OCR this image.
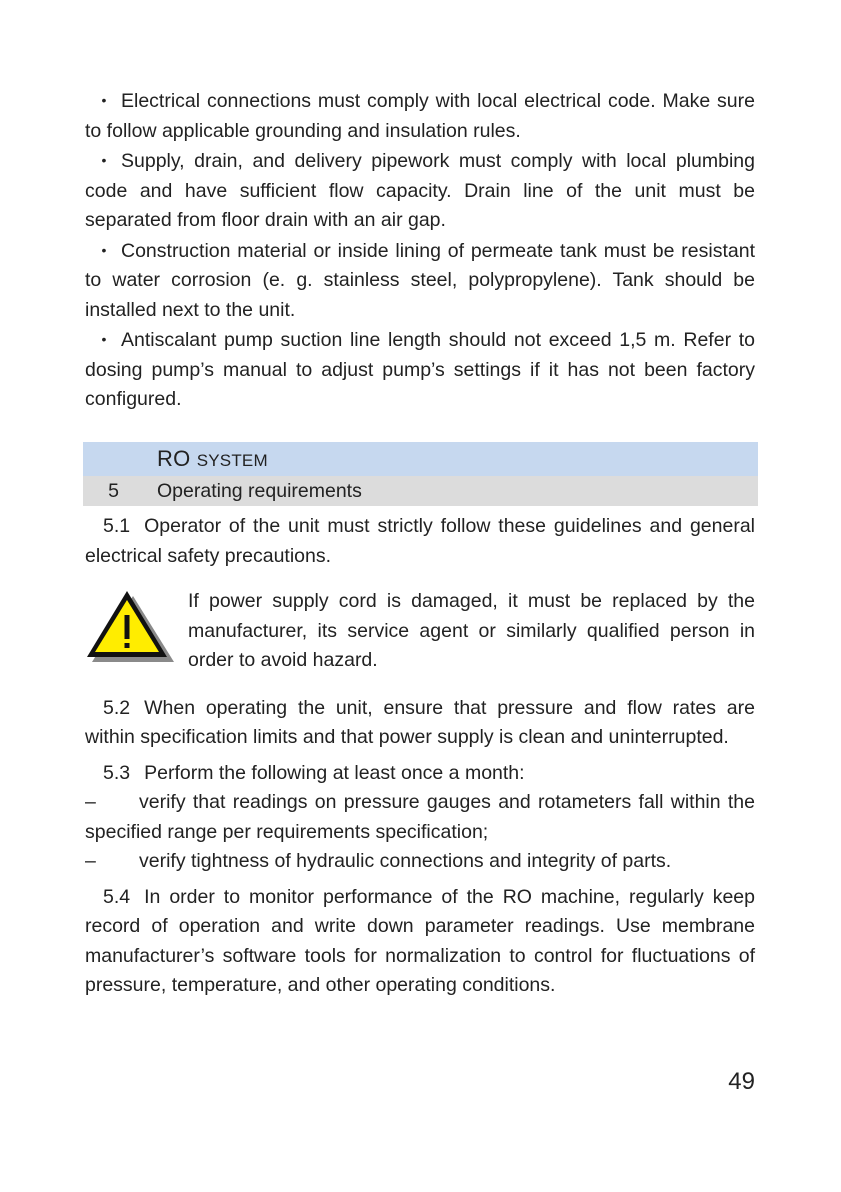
• Electrical connections must comply with local electrical code. Make sure to follow applicable grounding and insulation rules.

• Supply, drain, and delivery pipework must comply with local plumbing code and have sufficient flow capacity. Drain line of the unit must be separated from floor drain with an air gap.

• Construction material or inside lining of permeate tank must be resistant to water corrosion (e. g. stainless steel, polypropylene). Tank should be installed next to the unit.

• Antiscalant pump suction line length should not exceed 1,5 m. Refer to dosing pump’s manual to adjust pump’s settings if it has not been factory configured.

RO SYSTEM
5 Operating requirements

5.1 Operator of the unit must strictly follow these guidelines and general electrical safety precautions.

If power supply cord is damaged, it must be replaced by the manufacturer, its service agent or similarly qualified person in order to avoid hazard.

5.2 When operating the unit, ensure that pressure and flow rates are within specification limits and that power supply is clean and uninterrupted.

5.3 Perform the following at least once a month:

– verify that readings on pressure gauges and rotameters fall within the specified range per requirements specification;

– verify tightness of hydraulic connections and integrity of parts.

5.4 In order to monitor performance of the RO machine, regularly keep record of operation and write down parameter readings. Use membrane manufacturer’s software tools for normalization to control for fluctuations of pressure, temperature, and other operating conditions.

49
